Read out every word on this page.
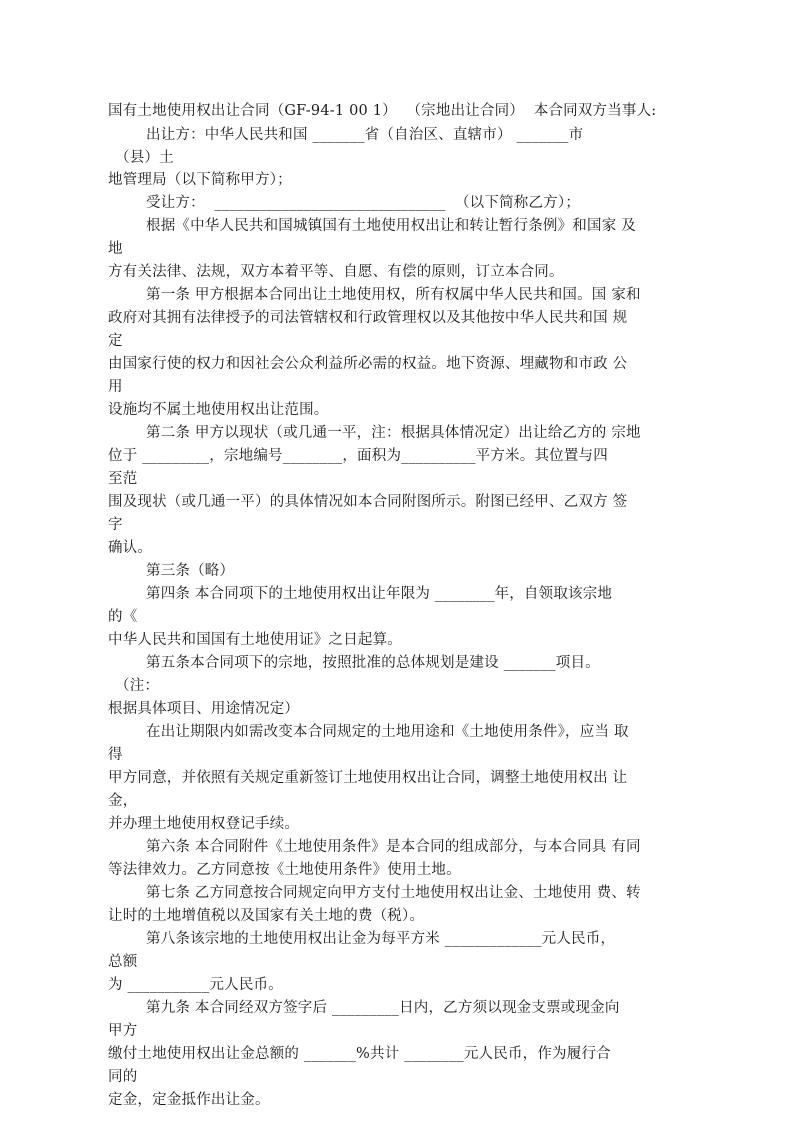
国有土地使用权出让合同（GF-94-1 00 1）  （宗地出让合同）  本合同双方当事人:
出让方：中华人民共和国 _______省（自治区、直辖市） _______市
（县）土
地管理局（以下简称甲方）；
受让方：  _______________________________  （以下简称乙方）；
根据《中华人民共和国城镇国有土地使用权出让和转让暂行条例》和国家 及
地
方有关法律、法规，双方本着平等、自愿、有偿的原则，订立本合同。
第一条 甲方根据本合同出让土地使用权，所有权属中华人民共和国。国 家和
政府对其拥有法律授予的司法管辖权和行政管理权以及其他按中华人民共和国 规
定
由国家行使的权力和因社会公众利益所必需的权益。地下资源、埋藏物和市政 公
用
设施均不属土地使用权出让范围。
第二条 甲方以现状（或几通一平，注：根据具体情况定）出让给乙方的 宗地
位于 _________，宗地编号________，面积为__________平方米。其位置与四
至范
围及现状（或几通一平）的具体情况如本合同附图所示。附图已经甲、乙双方 签
字
确认。
第三条（略）
第四条 本合同项下的土地使用权出让年限为 ________年，自领取该宗地
的《
中华人民共和国国有土地使用证》之日起算。
第五条本合同项下的宗地，按照批准的总体规划是建设 _______项目。
（注：
根据具体项目、用途情况定）
在出让期限内如需改变本合同规定的土地用途和《土地使用条件》，应当 取
得
甲方同意，并依照有关规定重新签订土地使用权出让合同，调整土地使用权出 让
金，
并办理土地使用权登记手续。
第六条 本合同附件《土地使用条件》是本合同的组成部分，与本合同具 有同
等法律效力。乙方同意按《土地使用条件》使用土地。
第七条 乙方同意按合同规定向甲方支付土地使用权出让金、土地使用 费、转
让时的土地增值税以及国家有关土地的费（税）。
第八条该宗地的土地使用权出让金为每平方米 _____________元人民币，
总额
为 ___________元人民币。
第九条 本合同经双方签字后 _________日内，乙方须以现金支票或现金向
甲方
缴付土地使用权出让金总额的 _______%共计 ________元人民币，作为履行合
同的
定金，定金抵作出让金。
